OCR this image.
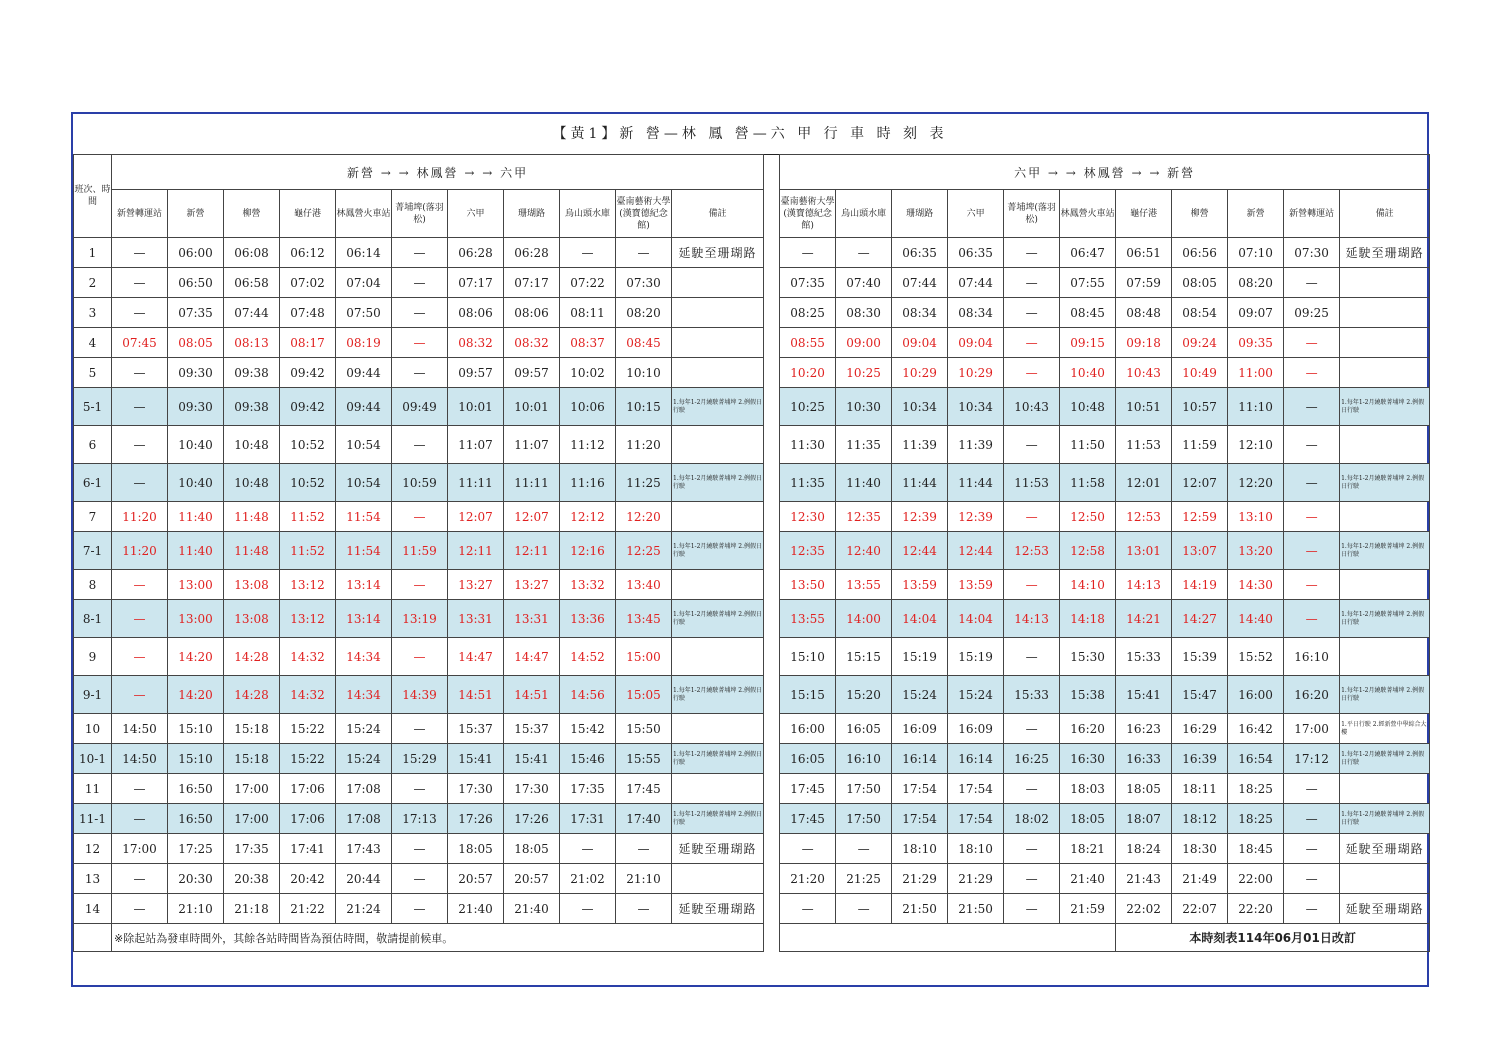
【黃1】新 營—林 鳳 營—六 甲 行 車 時 刻 表
班次、時間	新營 → → 林鳳營 → → 六甲												六甲 → → 林鳳營 → → 新營										
	新營轉運站	新營	柳營	龜仔港	林鳳營火車站	菁埔埤(落羽松)	六甲	珊瑚路	烏山頭水庫	臺南藝術大學(漢寶德紀念館)	備註		臺南藝術大學(漢寶德紀念館)	烏山頭水庫	珊瑚路	六甲	菁埔埤(落羽松)	林鳳營火車站	龜仔港	柳營	新營	新營轉運站	備註
1	—	06:00	06:08	06:12	06:14	—	06:28	06:28	—	—	延駛至珊瑚路		—	—	06:35	06:35	—	06:47	06:51	06:56	07:10	07:30	延駛至珊瑚路
2	—	06:50	06:58	07:02	07:04	—	07:17	07:17	07:22	07:30			07:35	07:40	07:44	07:44	—	07:55	07:59	08:05	08:20	—	
3	—	07:35	07:44	07:48	07:50	—	08:06	08:06	08:11	08:20			08:25	08:30	08:34	08:34	—	08:45	08:48	08:54	09:07	09:25	
4	07:45	08:05	08:13	08:17	08:19	—	08:32	08:32	08:37	08:45			08:55	09:00	09:04	09:04	—	09:15	09:18	09:24	09:35	—	
5	—	09:30	09:38	09:42	09:44	—	09:57	09:57	10:02	10:10			10:20	10:25	10:29	10:29	—	10:40	10:43	10:49	11:00	—	
5-1	—	09:30	09:38	09:42	09:44	09:49	10:01	10:01	10:06	10:15	1.每年1-2月繞駛菁埔埤 2.例假日行駛		10:25	10:30	10:34	10:34	10:43	10:48	10:51	10:57	11:10	—	1.每年1-2月繞駛菁埔埤 2.例假日行駛
6	—	10:40	10:48	10:52	10:54	—	11:07	11:07	11:12	11:20			11:30	11:35	11:39	11:39	—	11:50	11:53	11:59	12:10	—	
6-1	—	10:40	10:48	10:52	10:54	10:59	11:11	11:11	11:16	11:25	1.每年1-2月繞駛菁埔埤 2.例假日行駛		11:35	11:40	11:44	11:44	11:53	11:58	12:01	12:07	12:20	—	1.每年1-2月繞駛菁埔埤 2.例假日行駛
7	11:20	11:40	11:48	11:52	11:54	—	12:07	12:07	12:12	12:20			12:30	12:35	12:39	12:39	—	12:50	12:53	12:59	13:10	—	
7-1	11:20	11:40	11:48	11:52	11:54	11:59	12:11	12:11	12:16	12:25	1.每年1-2月繞駛菁埔埤 2.例假日行駛		12:35	12:40	12:44	12:44	12:53	12:58	13:01	13:07	13:20	—	1.每年1-2月繞駛菁埔埤 2.例假日行駛
8	—	13:00	13:08	13:12	13:14	—	13:27	13:27	13:32	13:40			13:50	13:55	13:59	13:59	—	14:10	14:13	14:19	14:30	—	
8-1	—	13:00	13:08	13:12	13:14	13:19	13:31	13:31	13:36	13:45	1.每年1-2月繞駛菁埔埤 2.例假日行駛		13:55	14:00	14:04	14:04	14:13	14:18	14:21	14:27	14:40	—	1.每年1-2月繞駛菁埔埤 2.例假日行駛
9	—	14:20	14:28	14:32	14:34	—	14:47	14:47	14:52	15:00			15:10	15:15	15:19	15:19	—	15:30	15:33	15:39	15:52	16:10	
9-1	—	14:20	14:28	14:32	14:34	14:39	14:51	14:51	14:56	15:05	1.每年1-2月繞駛菁埔埤 2.例假日行駛		15:15	15:20	15:24	15:24	15:33	15:38	15:41	15:47	16:00	16:20	1.每年1-2月繞駛菁埔埤 2.例假日行駛
10	14:50	15:10	15:18	15:22	15:24	—	15:37	15:37	15:42	15:50			16:00	16:05	16:09	16:09	—	16:20	16:23	16:29	16:42	17:00	1.平日行駛 2.經新營中學綜合大樓
10-1	14:50	15:10	15:18	15:22	15:24	15:29	15:41	15:41	15:46	15:55	1.每年1-2月繞駛菁埔埤 2.例假日行駛		16:05	16:10	16:14	16:14	16:25	16:30	16:33	16:39	16:54	17:12	1.每年1-2月繞駛菁埔埤 2.例假日行駛
11	—	16:50	17:00	17:06	17:08	—	17:30	17:30	17:35	17:45			17:45	17:50	17:54	17:54	—	18:03	18:05	18:11	18:25	—	
11-1	—	16:50	17:00	17:06	17:08	17:13	17:26	17:26	17:31	17:40	1.每年1-2月繞駛菁埔埤 2.例假日行駛		17:45	17:50	17:54	17:54	18:02	18:05	18:07	18:12	18:25	—	1.每年1-2月繞駛菁埔埤 2.例假日行駛
12	17:00	17:25	17:35	17:41	17:43	—	18:05	18:05	—	—	延駛至珊瑚路		—	—	18:10	18:10	—	18:21	18:24	18:30	18:45	—	延駛至珊瑚路
13	—	20:30	20:38	20:42	20:44	—	20:57	20:57	21:02	21:10			21:20	21:25	21:29	21:29	—	21:40	21:43	21:49	22:00	—	
14	—	21:10	21:18	21:22	21:24	—	21:40	21:40	—	—	延駛至珊瑚路		—	—	21:50	21:50	—	21:59	22:02	22:07	22:20	—	延駛至珊瑚路
	※除起站為發車時間外，其餘各站時間皆為預估時間，敬請提前候車。																		本時刻表114年06月01日改訂				
